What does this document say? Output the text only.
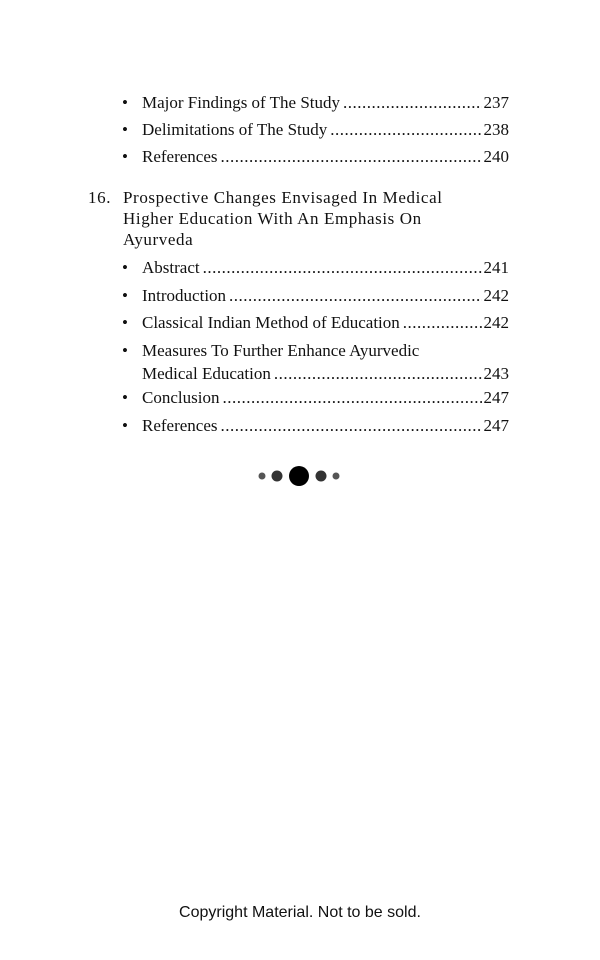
• Major Findings of The Study .....	237
• Delimitations of The Study .....	238
• References .....	240
16. Prospective Changes Envisaged In Medical
Higher Education With An Emphasis On
Ayurveda
• Abstract .....	241
• Introduction .....	242
• Classical Indian Method of Education .....	242
• Measures To Further Enhance Ayurvedic
Medical Education .....	243
• Conclusion .....	247
• References .....	247
Copyright Material. Not to be sold.
